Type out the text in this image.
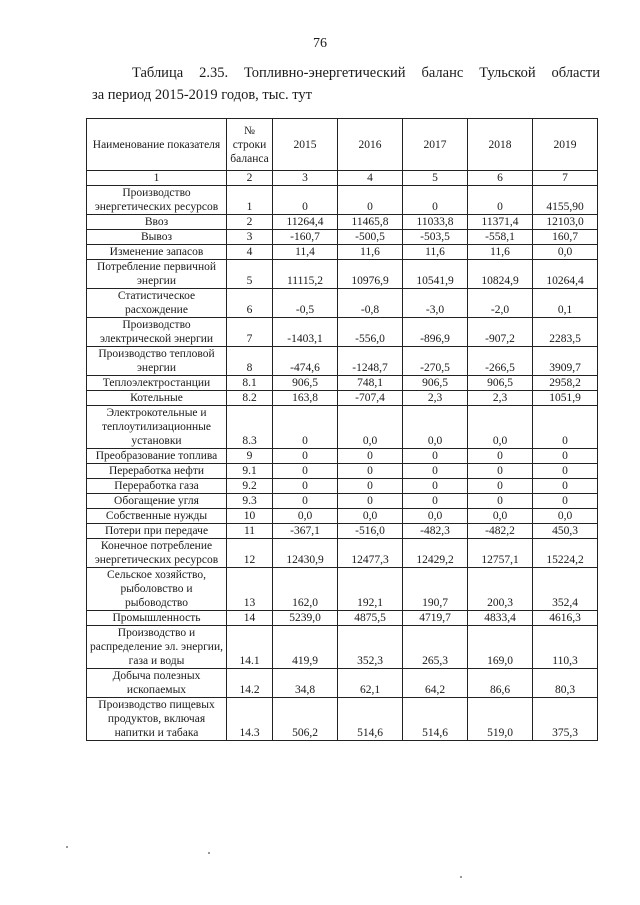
76
Таблица 2.35. Топливно-энергетический баланс Тульской области
за период 2015-2019 годов, тыс. тут
Наименование показателя	№ строки баланса	2015	2016	2017	2018	2019
1	2	3	4	5	6	7
Производство энергетических ресурсов	1	0	0	0	0	4155,90
Ввоз	2	11264,4	11465,8	11033,8	11371,4	12103,0
Вывоз	3	-160,7	-500,5	-503,5	-558,1	160,7
Изменение запасов	4	11,4	11,6	11,6	11,6	0,0
Потребление первичной энергии	5	11115,2	10976,9	10541,9	10824,9	10264,4
Статистическое расхождение	6	-0,5	-0,8	-3,0	-2,0	0,1
Производство электрической энергии	7	-1403,1	-556,0	-896,9	-907,2	2283,5
Производство тепловой энергии	8	-474,6	-1248,7	-270,5	-266,5	3909,7
Теплоэлектростанции	8.1	906,5	748,1	906,5	906,5	2958,2
Котельные	8.2	163,8	-707,4	2,3	2,3	1051,9
Электрокотельные и теплоутилизационные установки	8.3	0	0,0	0,0	0,0	0
Преобразование топлива	9	0	0	0	0	0
Переработка нефти	9.1	0	0	0	0	0
Переработка газа	9.2	0	0	0	0	0
Обогащение угля	9.3	0	0	0	0	0
Собственные нужды	10	0,0	0,0	0,0	0,0	0,0
Потери при передаче	11	-367,1	-516,0	-482,3	-482,2	450,3
Конечное потребление энергетических ресурсов	12	12430,9	12477,3	12429,2	12757,1	15224,2
Сельское хозяйство, рыболовство и рыбоводство	13	162,0	192,1	190,7	200,3	352,4
Промышленность	14	5239,0	4875,5	4719,7	4833,4	4616,3
Производство и распределение эл. энергии, газа и воды	14.1	419,9	352,3	265,3	169,0	110,3
Добыча полезных ископаемых	14.2	34,8	62,1	64,2	86,6	80,3
Производство пищевых продуктов, включая напитки и табака	14.3	506,2	514,6	514,6	519,0	375,3
